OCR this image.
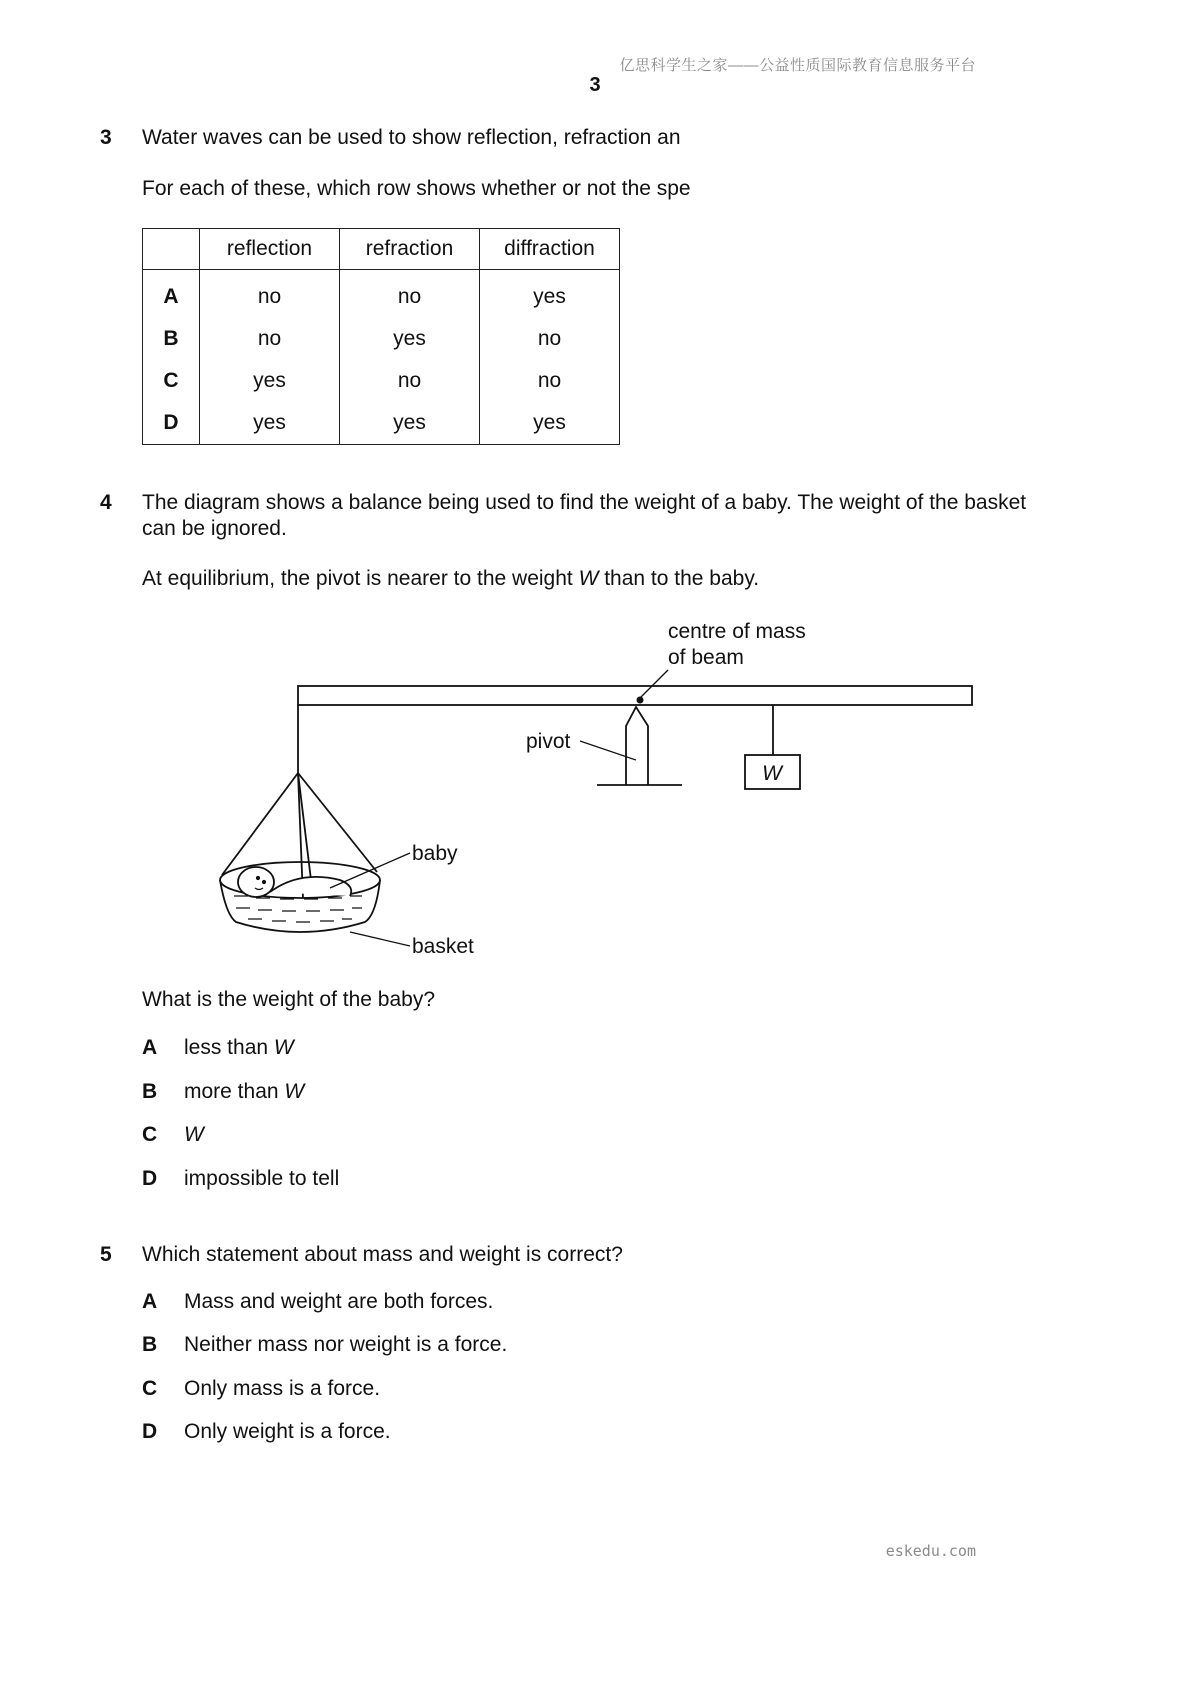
亿思科学生之家——公益性质国际教育信息服务平台
3
3 Water waves can be used to show reflection, refraction an
For each of these, which row shows whether or not the spe
	reflection	refraction	diffraction
A	no	no	yes
B	no	yes	no
C	yes	no	no
D	yes	yes	yes
4 The diagram shows a balance being used to find the weight of a baby. The weight of the basket
can be ignored.
At equilibrium, the pivot is nearer to the weight W than to the baby.
centre of mass
of beam
pivot
W
baby
basket
What is the weight of the baby?
A less than W
B more than W
C W
D impossible to tell
5 Which statement about mass and weight is correct?
A Mass and weight are both forces.
B Neither mass nor weight is a force.
C Only mass is a force.
D Only weight is a force.
eskedu.com
